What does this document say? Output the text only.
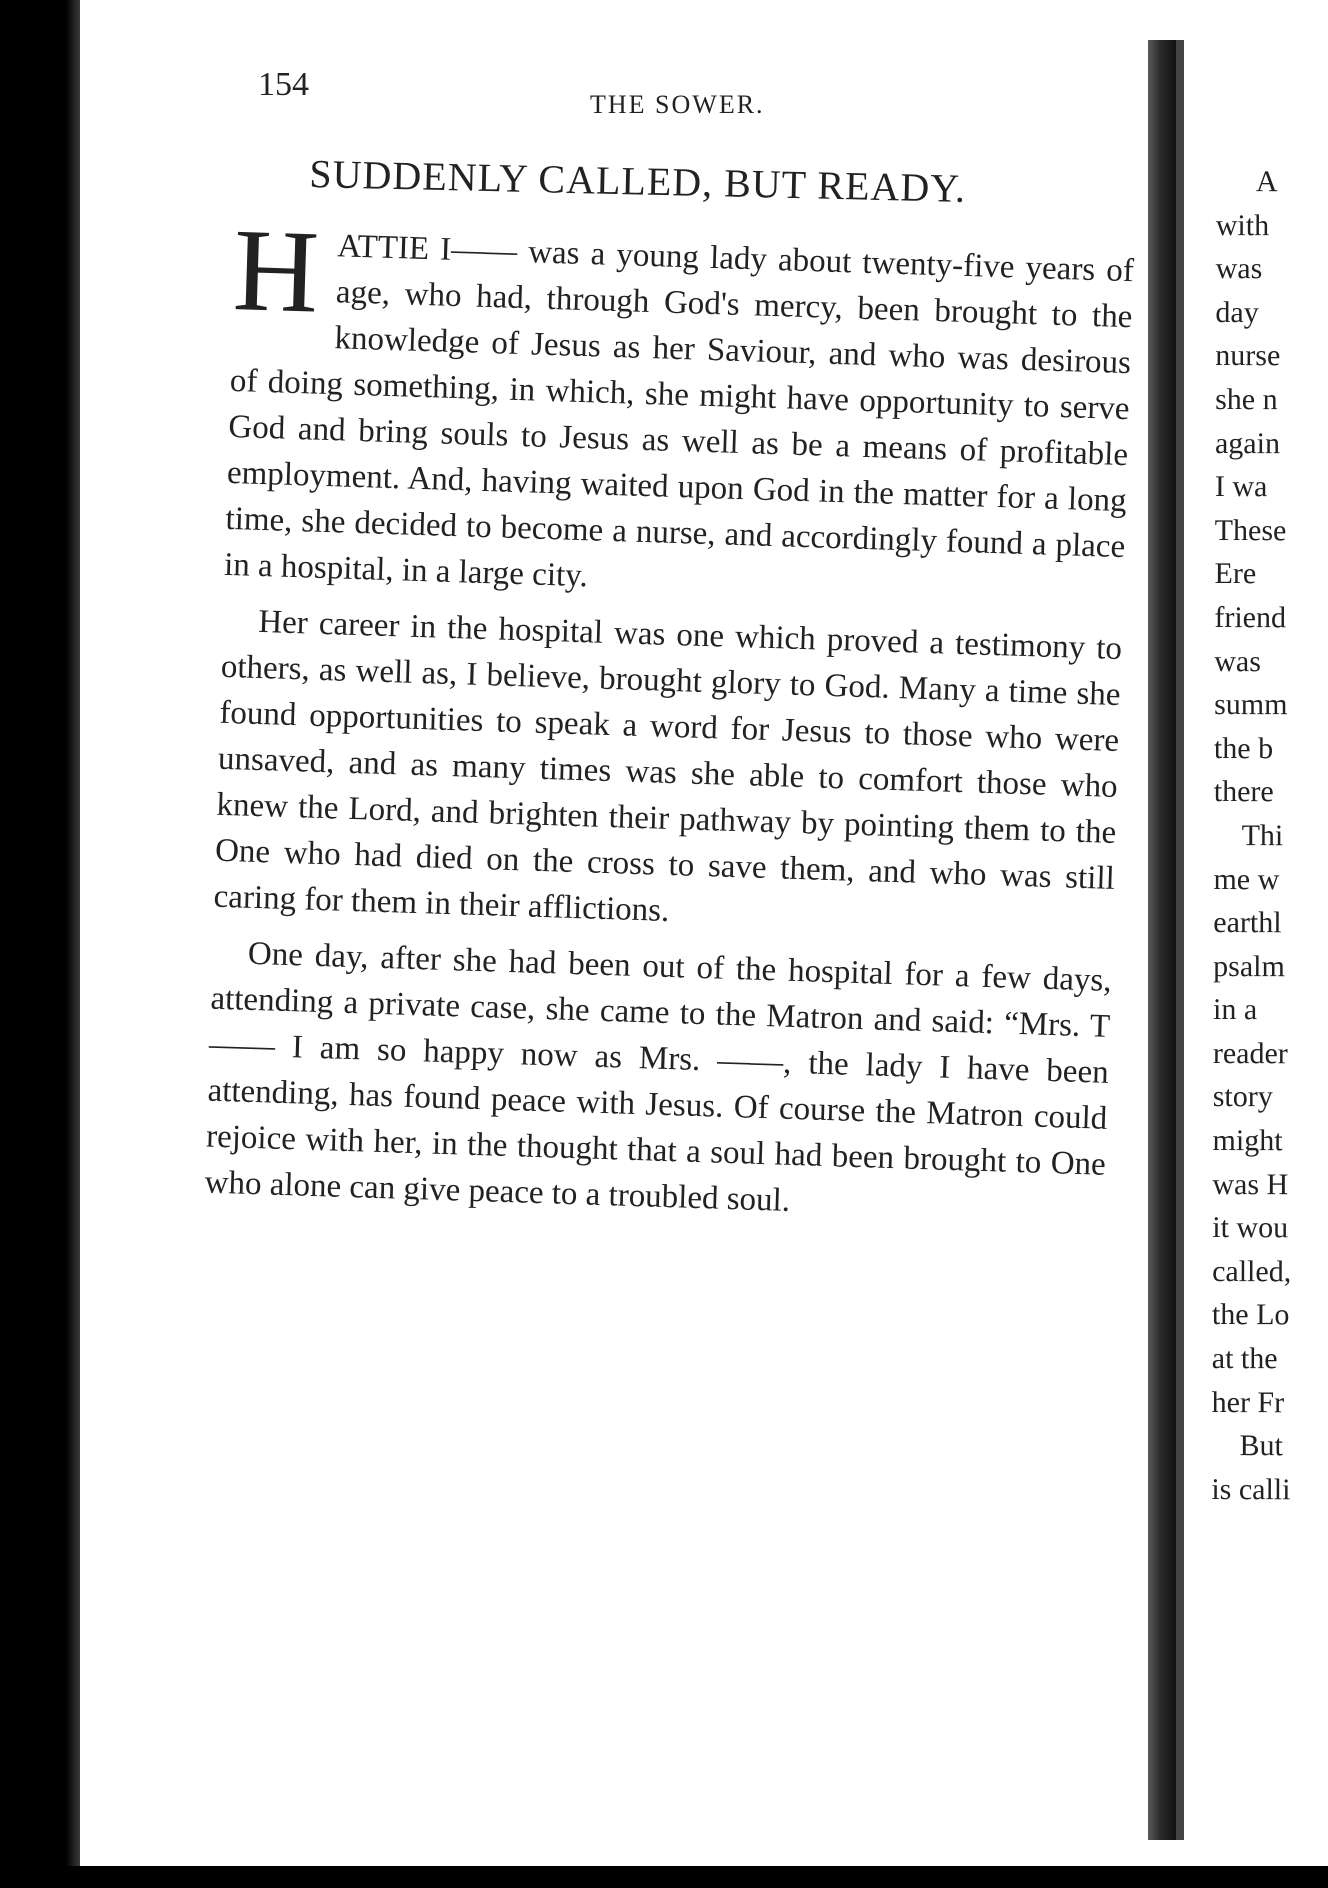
154
THE SOWER.
SUDDENLY CALLED, BUT READY.

H ATTIE I—— was a young lady about twenty-five years of age, who had, through God's mercy, been brought to the knowledge of Jesus as her Saviour, and who was desirous of doing something, in which, she might have opportunity to serve God and bring souls to Jesus as well as be a means of profitable employment. And, having waited upon God in the matter for a long time, she decided to become a nurse, and accordingly found a place in a hospital, in a large city.

Her career in the hospital was one which proved a testimony to others, as well as, I believe, brought glory to God. Many a time she found opportunities to speak a word for Jesus to those who were unsaved, and as many times was she able to comfort those who knew the Lord, and brighten their pathway by pointing them to the One who had died on the cross to save them, and who was still caring for them in their afflictions.

One day, after she had been out of the hospital for a few days, attending a private case, she came to the Matron and said: “Mrs. T—— I am so happy now as Mrs. ——, the lady I have been attending, has found peace with Jesus. Of course the Matron could rejoice with her, in the thought that a soul had been brought to One who alone can give peace to a troubled soul.

A
with
was
day
nurse
she n
again
I wa
These
Ere
friend
was
summ
the b
there
Thi
me w
earthl
psalm
in a
reader
story
might
was H
it wou
called,
the Lo
at the
her Fr
But
is calli
